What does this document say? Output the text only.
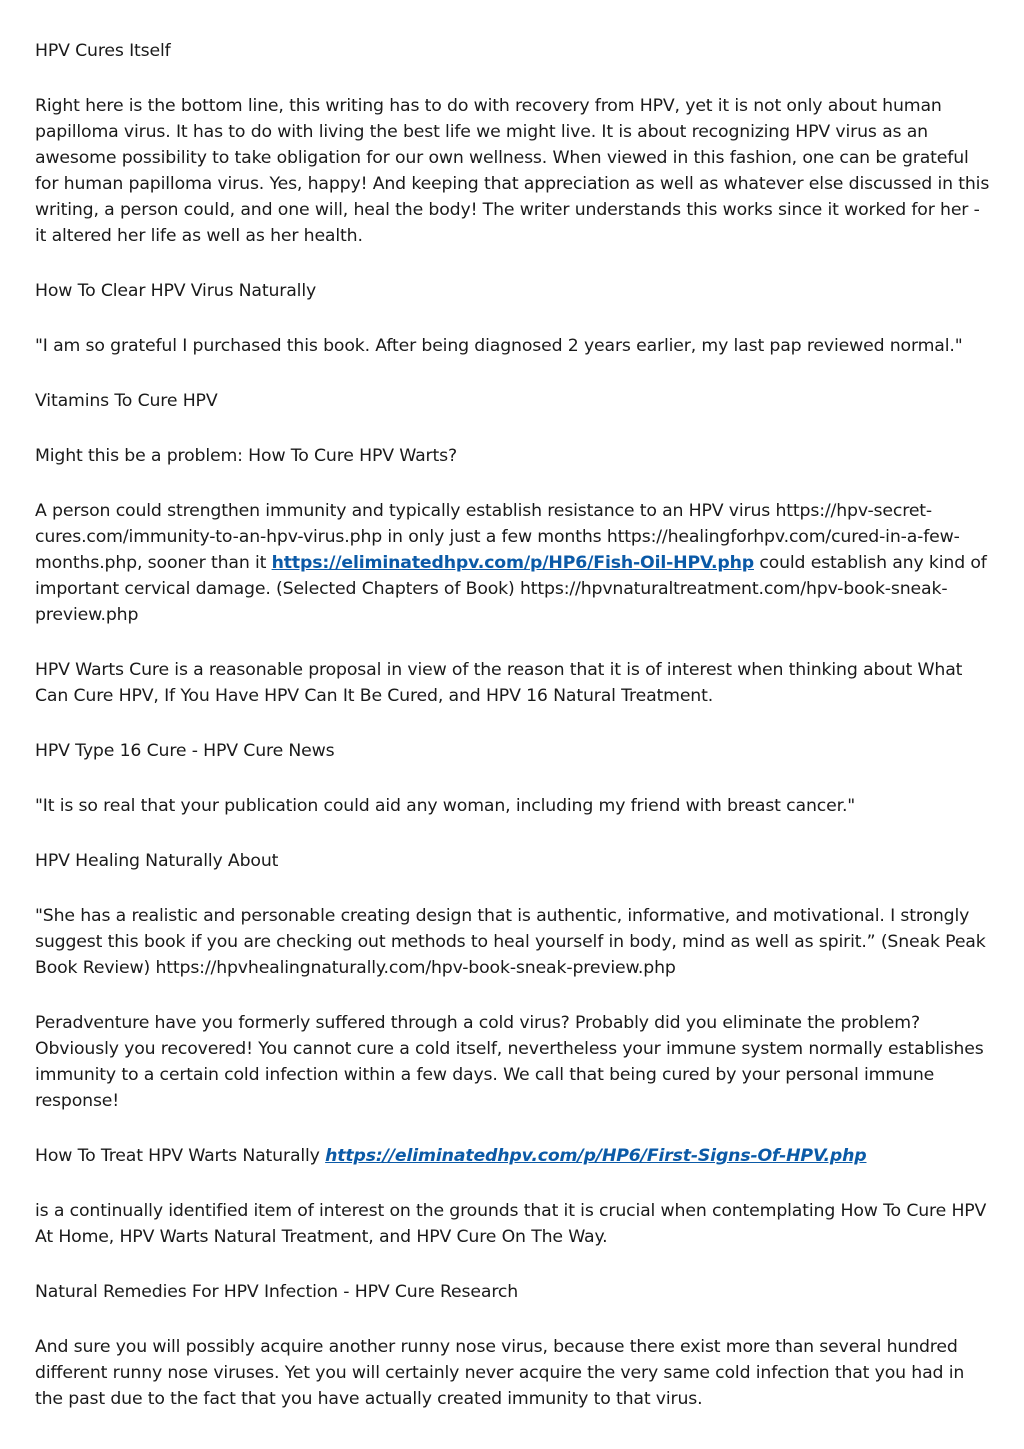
HPV Cures Itself

Right here is the bottom line, this writing has to do with recovery from HPV, yet it is not only about human papilloma virus. It has to do with living the best life we might live. It is about recognizing HPV virus as an awesome possibility to take obligation for our own wellness. When viewed in this fashion, one can be grateful for human papilloma virus. Yes, happy! And keeping that appreciation as well as whatever else discussed in this writing, a person could, and one will, heal the body! The writer understands this works since it worked for her - it altered her life as well as her health.

How To Clear HPV Virus Naturally

"I am so grateful I purchased this book. After being diagnosed 2 years earlier, my last pap reviewed normal."

Vitamins To Cure HPV

Might this be a problem: How To Cure HPV Warts?

A person could strengthen immunity and typically establish resistance to an HPV virus https://hpv-secret-cures.com/immunity-to-an-hpv-virus.php in only just a few months https://healingforhpv.com/cured-in-a-few-months.php, sooner than it https://eliminatedhpv.com/p/HP6/Fish-Oil-HPV.php could establish any kind of important cervical damage. (Selected Chapters of Book) https://hpvnaturaltreatment.com/hpv-book-sneak-preview.php

HPV Warts Cure is a reasonable proposal in view of the reason that it is of interest when thinking about What Can Cure HPV, If You Have HPV Can It Be Cured, and HPV 16 Natural Treatment.

HPV Type 16 Cure - HPV Cure News

"It is so real that your publication could aid any woman, including my friend with breast cancer."

HPV Healing Naturally About

"She has a realistic and personable creating design that is authentic, informative, and motivational. I strongly suggest this book if you are checking out methods to heal yourself in body, mind as well as spirit.” (Sneak Peak Book Review) https://hpvhealingnaturally.com/hpv-book-sneak-preview.php

Peradventure have you formerly suffered through a cold virus? Probably did you eliminate the problem? Obviously you recovered! You cannot cure a cold itself, nevertheless your immune system normally establishes immunity to a certain cold infection within a few days. We call that being cured by your personal immune response!

How To Treat HPV Warts Naturally https://eliminatedhpv.com/p/HP6/First-Signs-Of-HPV.php

is a continually identified item of interest on the grounds that it is crucial when contemplating How To Cure HPV At Home, HPV Warts Natural Treatment, and HPV Cure On The Way.

Natural Remedies For HPV Infection - HPV Cure Research

And sure you will possibly acquire another runny nose virus, because there exist more than several hundred different runny nose viruses. Yet you will certainly never acquire the very same cold infection that you had in the past due to the fact that you have actually created immunity to that virus.
